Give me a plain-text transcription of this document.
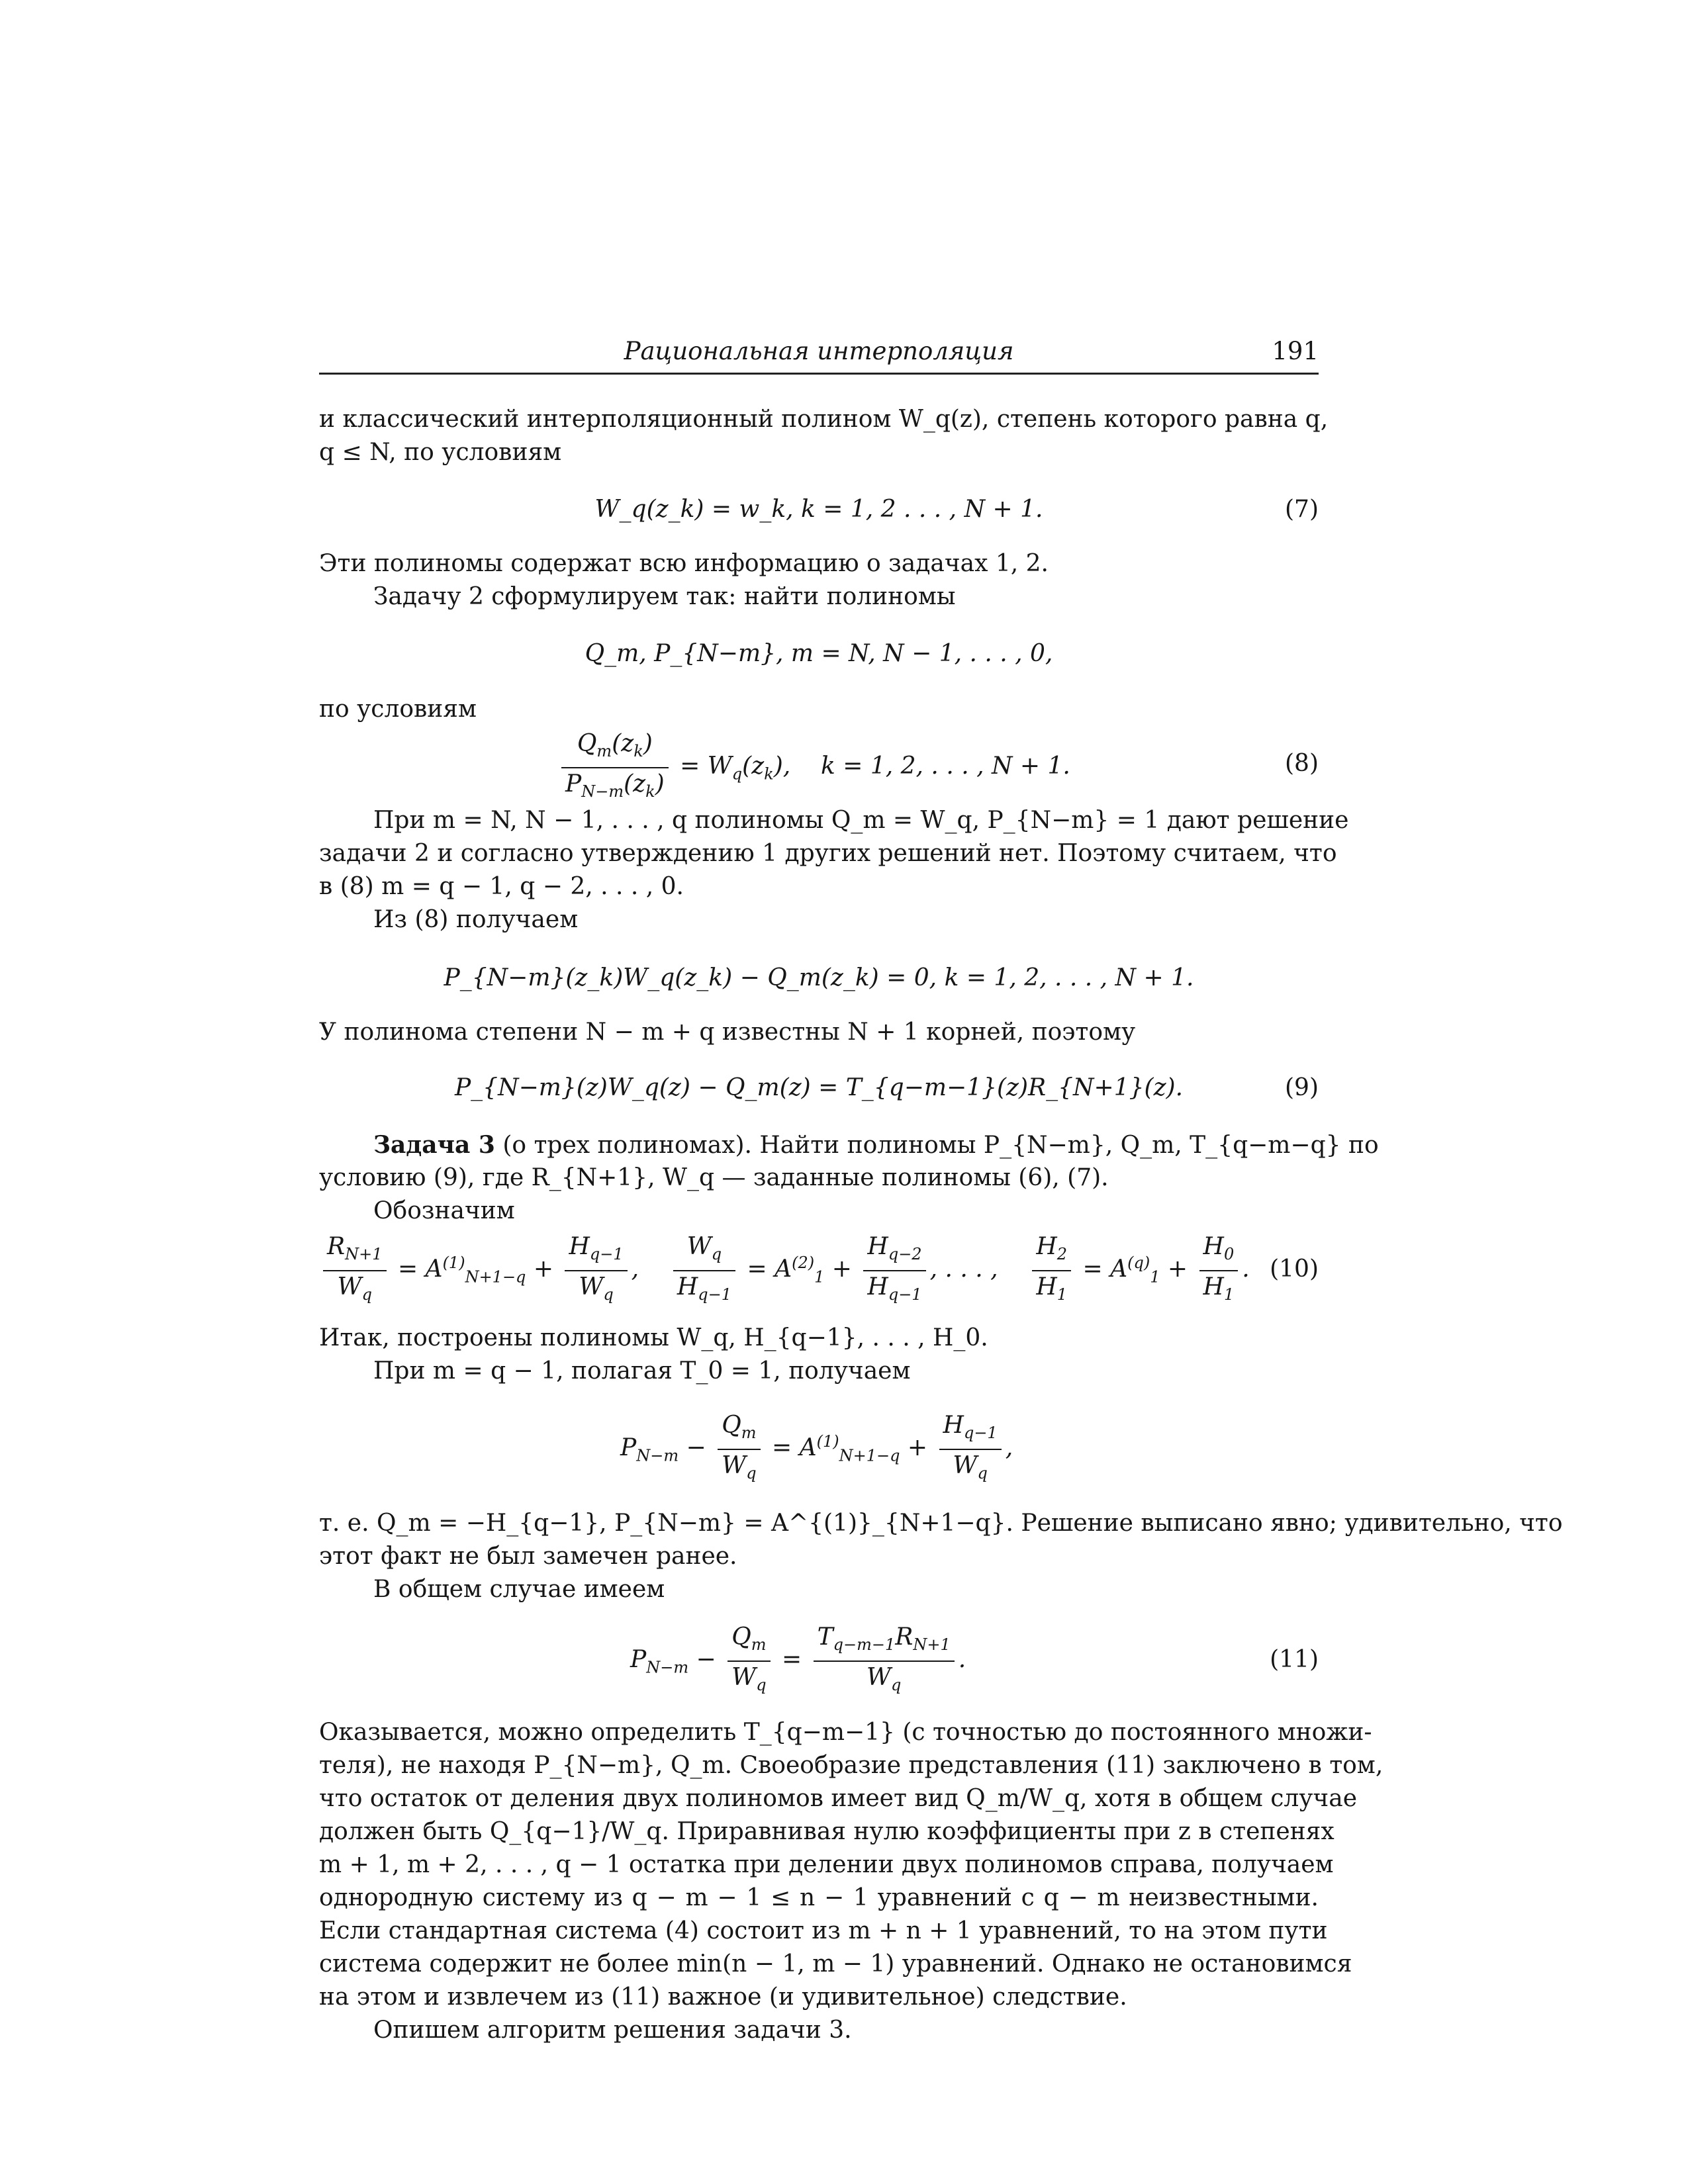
Рациональная интерполяция	191
и классический интерполяционный полином W_q(z), степень которого равна q,
q ≤ N, по условиям
W_q(z_k) = w_k, k = 1, 2 . . . , N + 1.	(7)
Эти полиномы содержат всю информацию о задачах 1, 2.
Задачу 2 сформулируем так: найти полиномы
Q_m, P_{N−m}, m = N, N − 1, . . . , 0,
по условиям
$\frac{Q_m(z_k)}{P_{N-m}(z_k)} = W_q(z_k)$,    k = 1, 2, . . . , N + 1.	(8)
При m = N, N − 1, . . . , q полиномы Q_m = W_q, P_{N−m} = 1 дают решение
задачи 2 и согласно утверждению 1 других решений нет. Поэтому считаем, что
в (8) m = q − 1, q − 2, . . . , 0.
Из (8) получаем
P_{N−m}(z_k)W_q(z_k) − Q_m(z_k) = 0, k = 1, 2, . . . , N + 1.
У полинома степени N − m + q известны N + 1 корней, поэтому
P_{N−m}(z)W_q(z) − Q_m(z) = T_{q−m−1}(z)R_{N+1}(z).	(9)
Задача 3 (о трех полиномах). Найти полиномы P_{N−m}, Q_m, T_{q−m−q} по
условию (9), где R_{N+1}, W_q — заданные полиномы (6), (7).
Обозначим
$\frac{R_{N+1}}{W_q} = A^{(1)}_{N+1-q} + \frac{H_{q-1}}{W_q}$ , $\frac{W_q}{H_{q-1}} = A^{(2)}_1 + \frac{H_{q-2}}{H_{q-1}}$ , . . . , $\frac{H_2}{H_1} = A^{(q)}_1 + \frac{H_0}{H_1}$ . (10)
Итак, построены полиномы W_q, H_{q−1}, . . . , H_0.
При m = q − 1, полагая T_0 = 1, получаем
$P_{N-m} - \frac{Q_m}{W_q} = A^{(1)}_{N+1-q} + \frac{H_{q-1}}{W_q}$ ,
т. е. Q_m = −H_{q−1}, P_{N−m} = A^{(1)}_{N+1−q}. Решение выписано явно; удивительно, что
этот факт не был замечен ранее.
В общем случае имеем
$P_{N-m} - \frac{Q_m}{W_q} = \frac{T_{q-m-1}R_{N+1}}{W_q}$ .	(11)
Оказывается, можно определить T_{q−m−1} (с точностью до постоянного множи-
теля), не находя P_{N−m}, Q_m. Своеобразие представления (11) заключено в том,
что остаток от деления двух полиномов имеет вид Q_m/W_q, хотя в общем случае
должен быть Q_{q−1}/W_q. Приравнивая нулю коэффициенты при z в степенях
m + 1, m + 2, . . . , q − 1 остатка при делении двух полиномов справа, получаем
однородную систему из q − m − 1 ≤ n − 1 уравнений с q − m неизвестными.
Если стандартная система (4) состоит из m + n + 1 уравнений, то на этом пути
система содержит не более min(n − 1, m − 1) уравнений. Однако не остановимся
на этом и извлечем из (11) важное (и удивительное) следствие.
Опишем алгоритм решения задачи 3.
